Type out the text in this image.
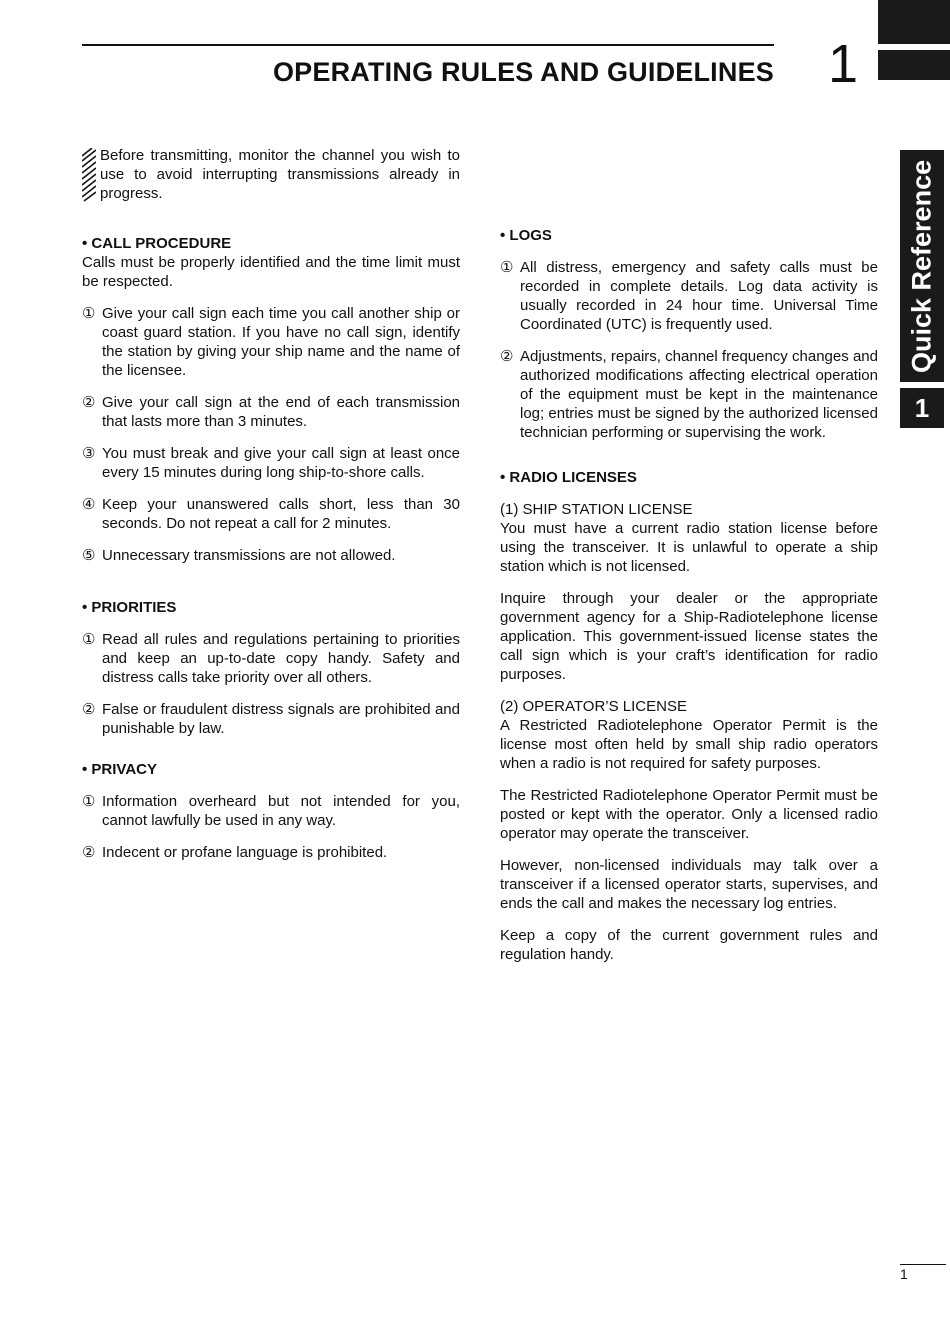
OPERATING RULES AND GUIDELINES 1
Quick Reference
1
Before transmitting, monitor the channel you wish to use to avoid interrupting transmissions already in progress.
• CALL PROCEDURE

Calls must be properly identified and the time limit must be respected.

① Give your call sign each time you call another ship or coast guard station. If you have no call sign, identify the station by giving your ship name and the name of the licensee.
② Give your call sign at the end of each transmission that lasts more than 3 minutes.
③ You must break and give your call sign at least once every 15 minutes during long ship-to-shore calls.
④ Keep your unanswered calls short, less than 30 seconds. Do not repeat a call for 2 minutes.
⑤ Unnecessary transmissions are not allowed.
• PRIORITIES
① Read all rules and regulations pertaining to priorities and keep an up-to-date copy handy. Safety and distress calls take priority over all others.
② False or fraudulent distress signals are prohibited and punishable by law.
• PRIVACY
① Information overheard but not intended for you, cannot lawfully be used in any way.
② Indecent or profane language is prohibited.
• LOGS
① All distress, emergency and safety calls must be recorded in complete details. Log data activity is usually recorded in 24 hour time. Universal Time Coordinated (UTC) is frequently used.
② Adjustments, repairs, channel frequency changes and authorized modifications affecting electrical operation of the equipment must be kept in the maintenance log; entries must be signed by the authorized licensed technician performing or supervising the work.
• RADIO LICENSES
(1) SHIP STATION LICENSE

You must have a current radio station license before using the transceiver. It is unlawful to operate a ship station which is not licensed.

Inquire through your dealer or the appropriate government agency for a Ship-Radiotelephone license application. This government-issued license states the call sign which is your craft’s identification for radio purposes.

(2) OPERATOR’S LICENSE

A Restricted Radiotelephone Operator Permit is the license most often held by small ship radio operators when a radio is not required for safety purposes.

The Restricted Radiotelephone Operator Permit must be posted or kept with the operator. Only a licensed radio operator may operate the transceiver.

However, non-licensed individuals may talk over a transceiver if a licensed operator starts, supervises, and ends the call and makes the necessary log entries.

Keep a copy of the current government rules and regulation handy.

1
